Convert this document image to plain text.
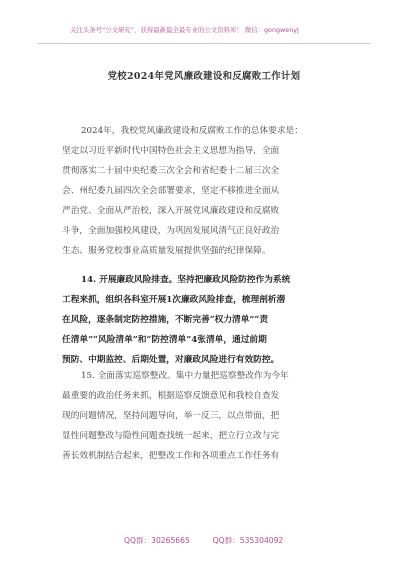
关注头条号“公文研究”，获得最新最全最专业的公文资料库！ 微信：gongwenyj
党校2024年党风廉政建设和反腐败工作计划
2024年，我校党风廉政建设和反腐败工作的总体要求是：
坚定以习近平新时代中国特色社会主义思想为指导，全面
贯彻落实二十届中央纪委三次全会和省纪委十二届三次全
会、州纪委九届四次全会部署要求，坚定不移推进全面从
严治党、全面从严治校，深入开展党风廉政建设和反腐败
斗争，全面加强校风建设，为巩固发展风清气正良好政治
生态、服务党校事业高质量发展提供坚强的纪律保障。
14. 开展廉政风险排查。坚持把廉政风险防控作为系统
工程来抓，组织各科室开展1次廉政风险排查，梳理剖析潜
在风险，逐条制定防控措施，不断完善“权力清单”“责
任清单”“风险清单”和“防控清单”4张清单，通过前期
预防、中期监控、后期处置，对廉政风险进行有效防控。
15. 全面落实巡察整改。集中力量把巡察整改作为今年
最重要的政治任务来抓，根据巡察反馈意见和我校自查发
现的问题情况，坚持问题导向，举一反三，以点带面，把
显性问题整改与隐性问题查找统一起来，把立行立改与完
善长效机制结合起来，把整改工作和各项重点工作任务有
QQ群：30265665	QQ群：535304092
